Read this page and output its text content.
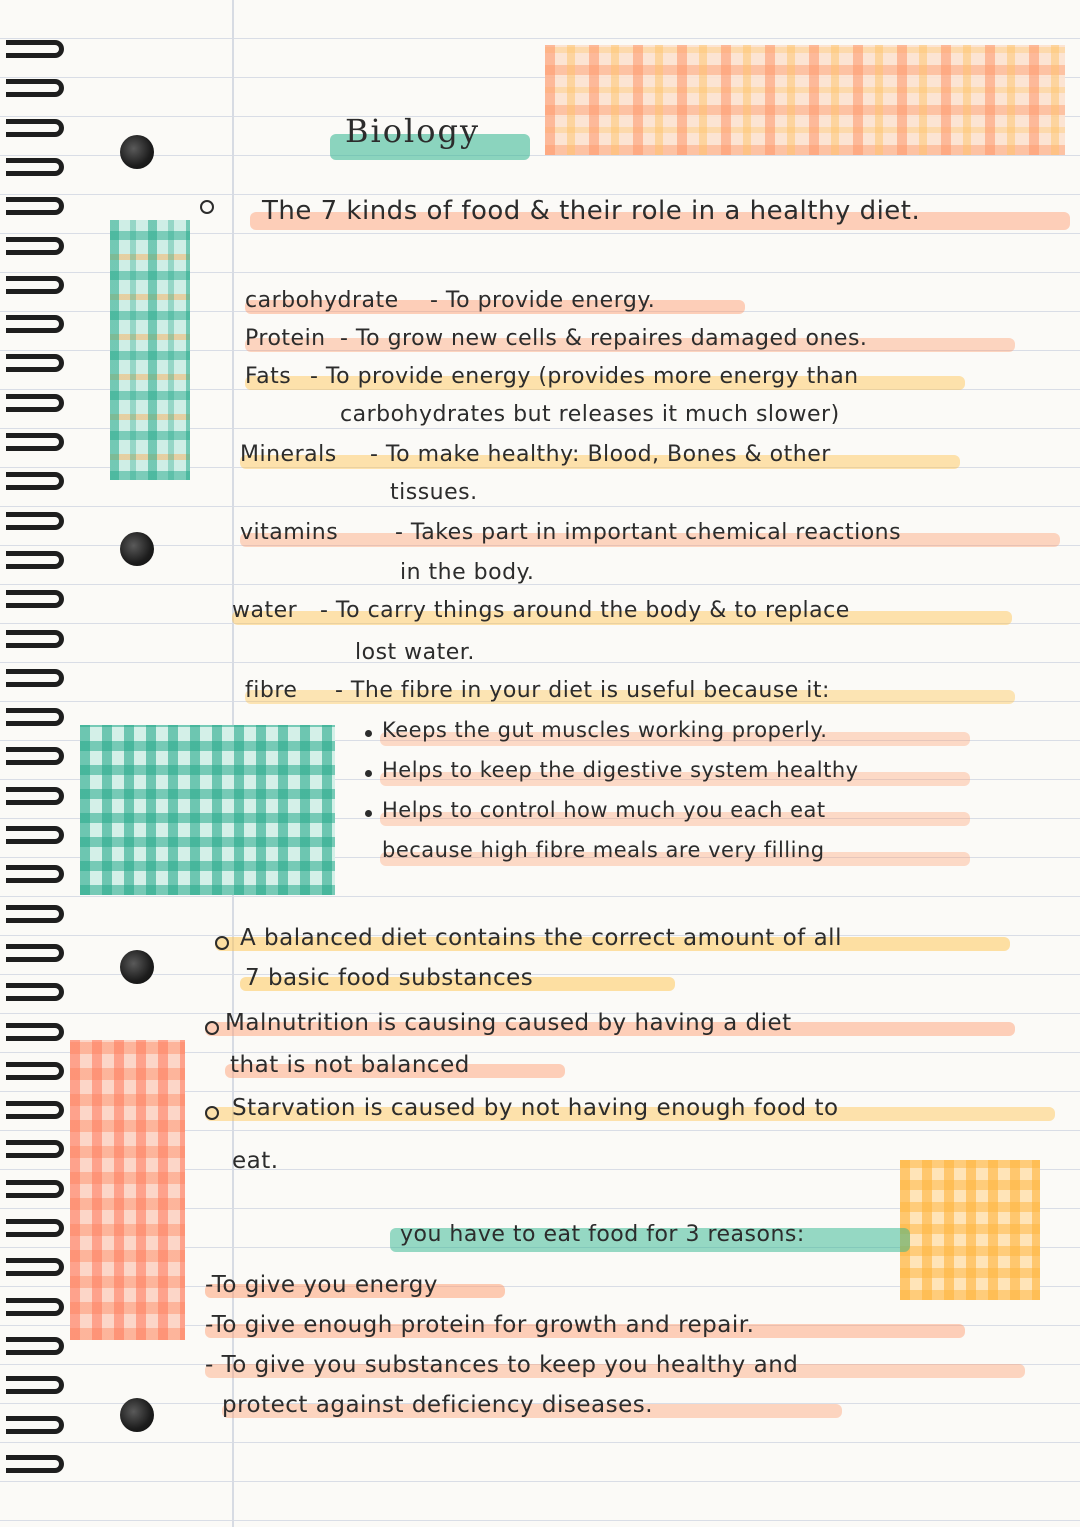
Biology
The 7 kinds of food & their role in a healthy diet.
carbohydrate - To provide energy.
Protein - To grow new cells & repaires damaged ones.
Fats - To provide energy (provides more energy than
carbohydrates but releases it much slower)
Minerals - To make healthy: Blood, Bones & other
tissues.
vitamins	- Takes part in important chemical reactions
in the body.
water - To carry things around the body & to replace
lost water.
fibre - The fibre in your diet is useful because it:
Keeps the gut muscles working properly.
Helps to keep the digestive system healthy
Helps to control how much you each eat
because high fibre meals are very filling
A balanced diet contains the correct amount of all
7 basic food substances
Malnutrition is causing caused by having a diet
that is not balanced
Starvation is caused by not having enough food to
eat.
you have to eat food for 3 reasons:
-To give you energy
-To give enough protein for growth and repair.
- To give you substances to keep you healthy and
protect against deficiency diseases.
